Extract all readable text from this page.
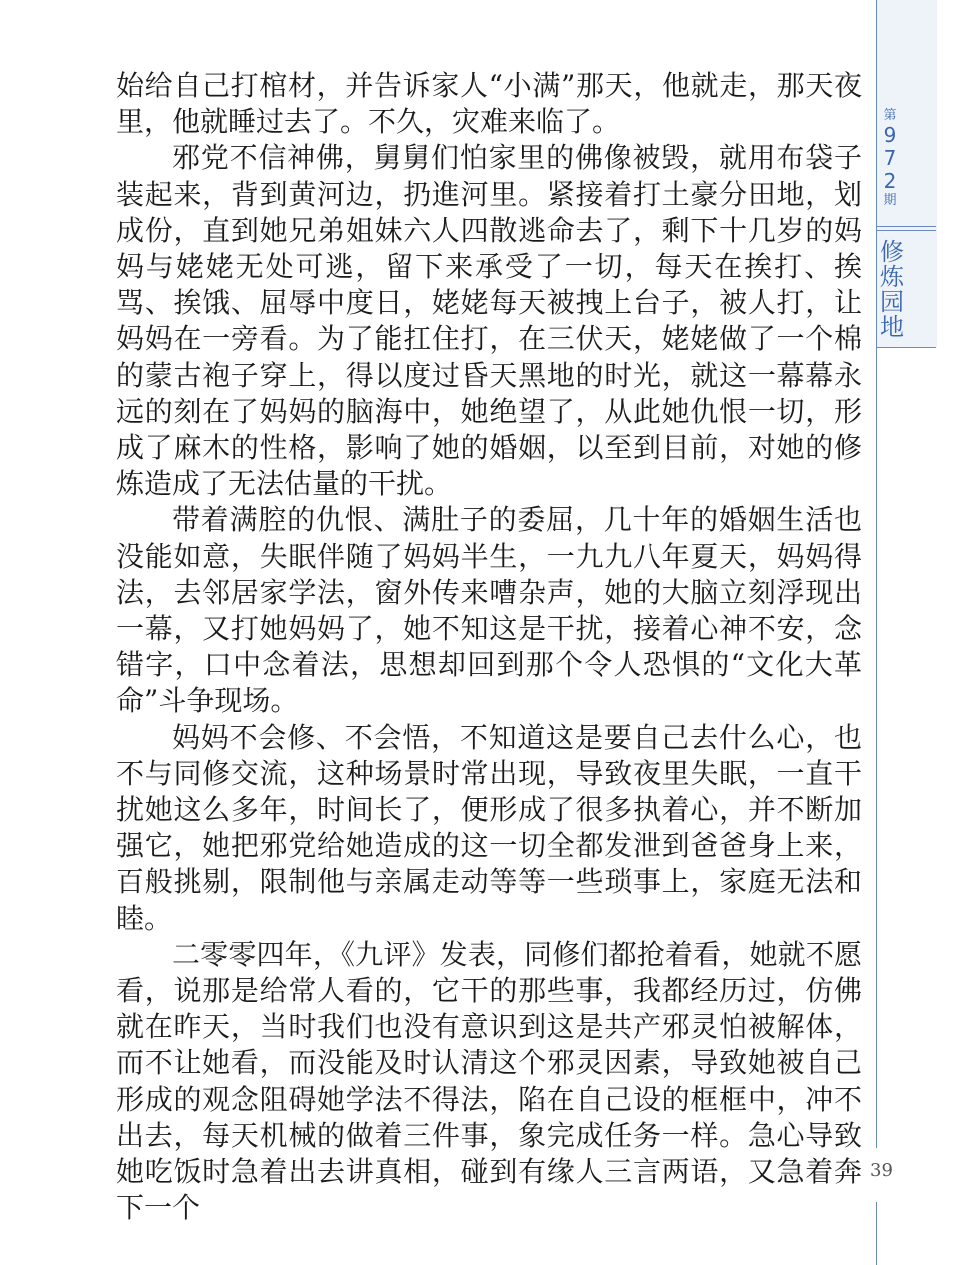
始给自己打棺材，并告诉家人“小满”那天，他就走，那天夜里，他就睡过去了。不久，灾难来临了。

邪党不信神佛，舅舅们怕家里的佛像被毁，就用布袋子装起来，背到黄河边，扔進河里。紧接着打土豪分田地，划成份，直到她兄弟姐妹六人四散逃命去了，剩下十几岁的妈妈与姥姥无处可逃，留下来承受了一切，每天在挨打、挨骂、挨饿、屈辱中度日，姥姥每天被拽上台子，被人打，让妈妈在一旁看。为了能扛住打，在三伏天，姥姥做了一个棉的蒙古袍子穿上，得以度过昏天黑地的时光，就这一幕幕永远的刻在了妈妈的脑海中，她绝望了，从此她仇恨一切，形成了麻木的性格，影响了她的婚姻，以至到目前，对她的修炼造成了无法估量的干扰。

带着满腔的仇恨、满肚子的委屈，几十年的婚姻生活也没能如意，失眠伴随了妈妈半生，一九九八年夏天，妈妈得法，去邻居家学法，窗外传来嘈杂声，她的大脑立刻浮现出一幕，又打她妈妈了，她不知这是干扰，接着心神不安，念错字，口中念着法，思想却回到那个令人恐惧的“文化大革命”斗争现场。

妈妈不会修、不会悟，不知道这是要自己去什么心，也不与同修交流，这种场景时常出现，导致夜里失眠，一直干扰她这么多年，时间长了，便形成了很多执着心，并不断加强它，她把邪党给她造成的这一切全都发泄到爸爸身上来，百般挑剔，限制他与亲属走动等等一些琐事上，家庭无法和睦。

二零零四年，《九评》发表，同修们都抢着看，她就不愿看，说那是给常人看的，它干的那些事，我都经历过，仿佛就在昨天，当时我们也没有意识到这是共产邪灵怕被解体，而不让她看，而没能及时认清这个邪灵因素，导致她被自己形成的观念阻碍她学法不得法，陷在自己设的框框中，冲不出去，每天机械的做着三件事，象完成任务一样。急心导致她吃饭时急着出去讲真相，碰到有缘人三言两语，又急着奔下一个

第
9
7
2
期
修炼园地
39
